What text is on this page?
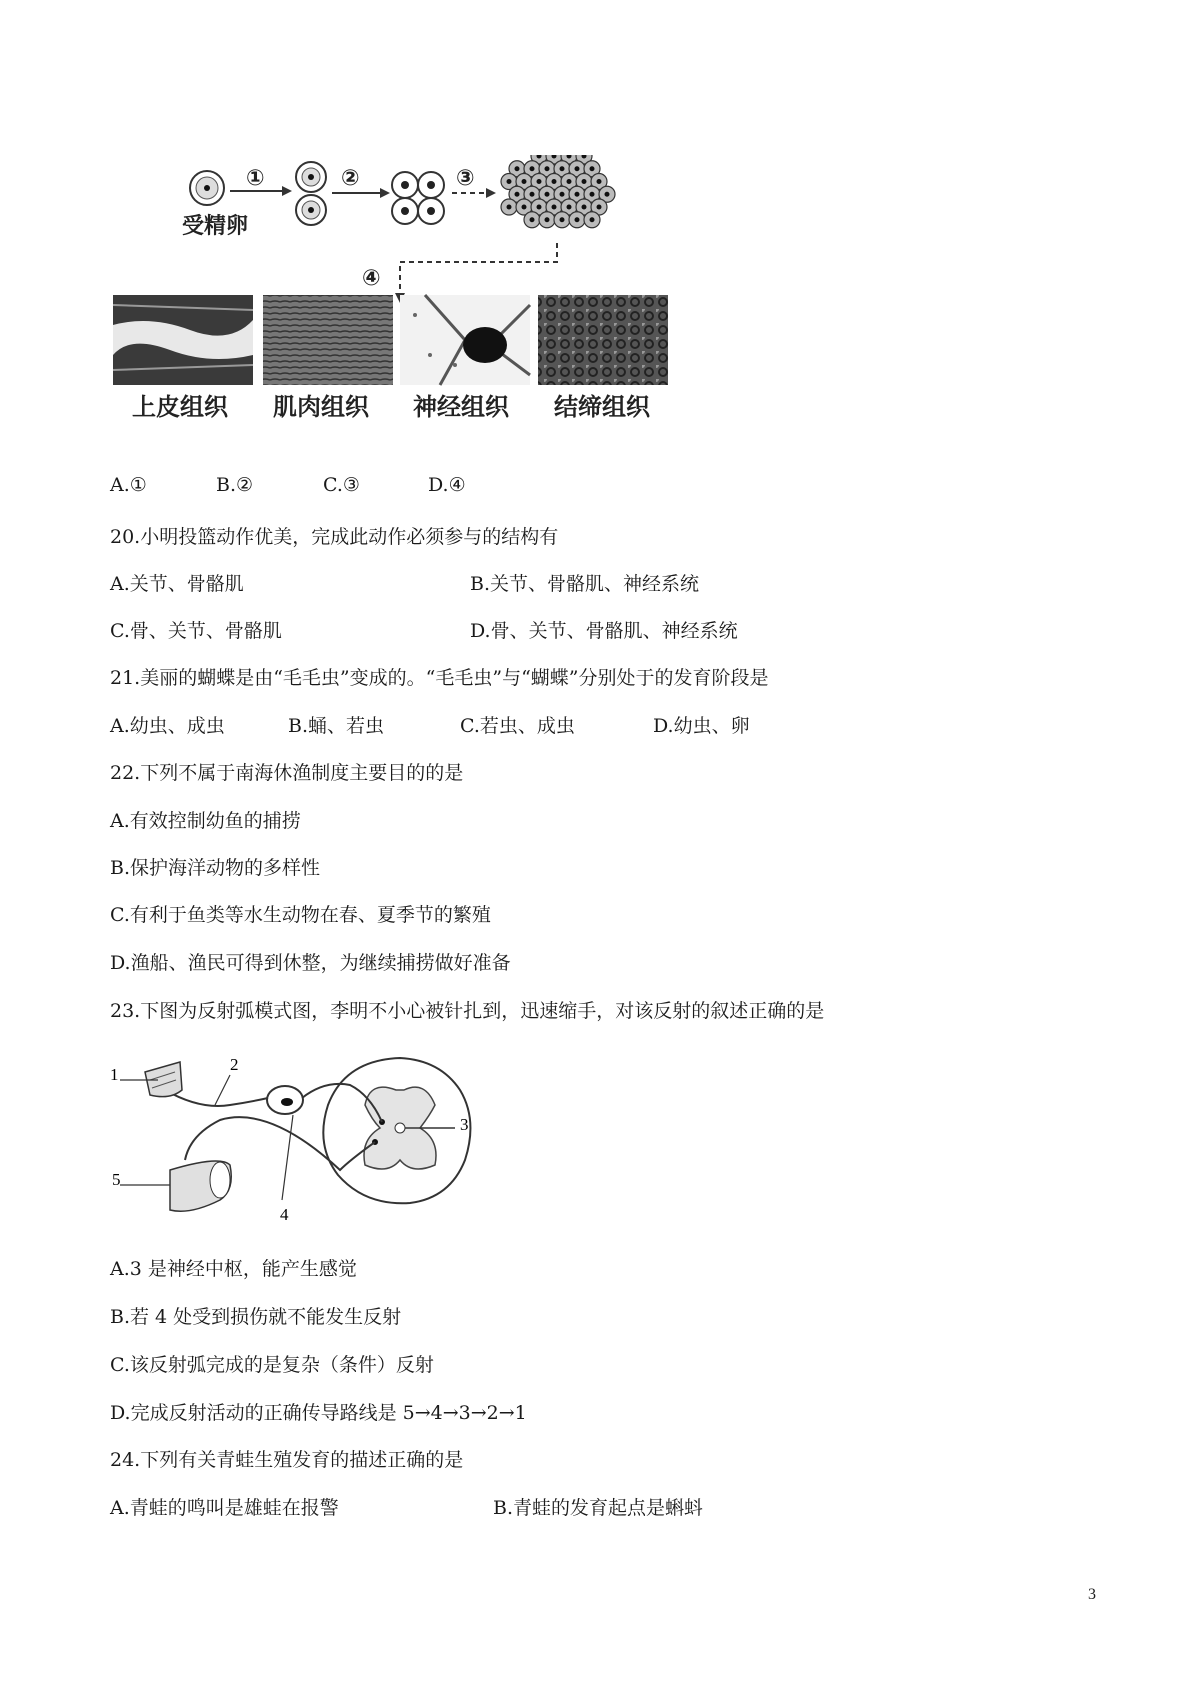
受精卵
①	②	③
④
上皮组织 肌肉组织 神经组织 结缔组织
A.①	B.②	C.③	D.④
20.小明投篮动作优美，完成此动作必须参与的结构有
A.关节、骨骼肌	B.关节、骨骼肌、神经系统
C.骨、关节、骨骼肌	D.骨、关节、骨骼肌、神经系统
21.美丽的蝴蝶是由“毛毛虫”变成的。“毛毛虫”与“蝴蝶”分别处于的发育阶段是
A.幼虫、成虫	B.蛹、若虫	C.若虫、成虫	D.幼虫、卵
22.下列不属于南海休渔制度主要目的的是
A.有效控制幼鱼的捕捞
B.保护海洋动物的多样性
C.有利于鱼类等水生动物在春、夏季节的繁殖
D.渔船、渔民可得到休整，为继续捕捞做好准备
23.下图为反射弧模式图，李明不小心被针扎到，迅速缩手，对该反射的叙述正确的是
1
2
3
4
5
A.3 是神经中枢，能产生感觉
B.若 4 处受到损伤就不能发生反射
C.该反射弧完成的是复杂（条件）反射
D.完成反射活动的正确传导路线是 5→4→3→2→1
24.下列有关青蛙生殖发育的描述正确的是
A.青蛙的鸣叫是雄蛙在报警	B.青蛙的发育起点是蝌蚪
3
